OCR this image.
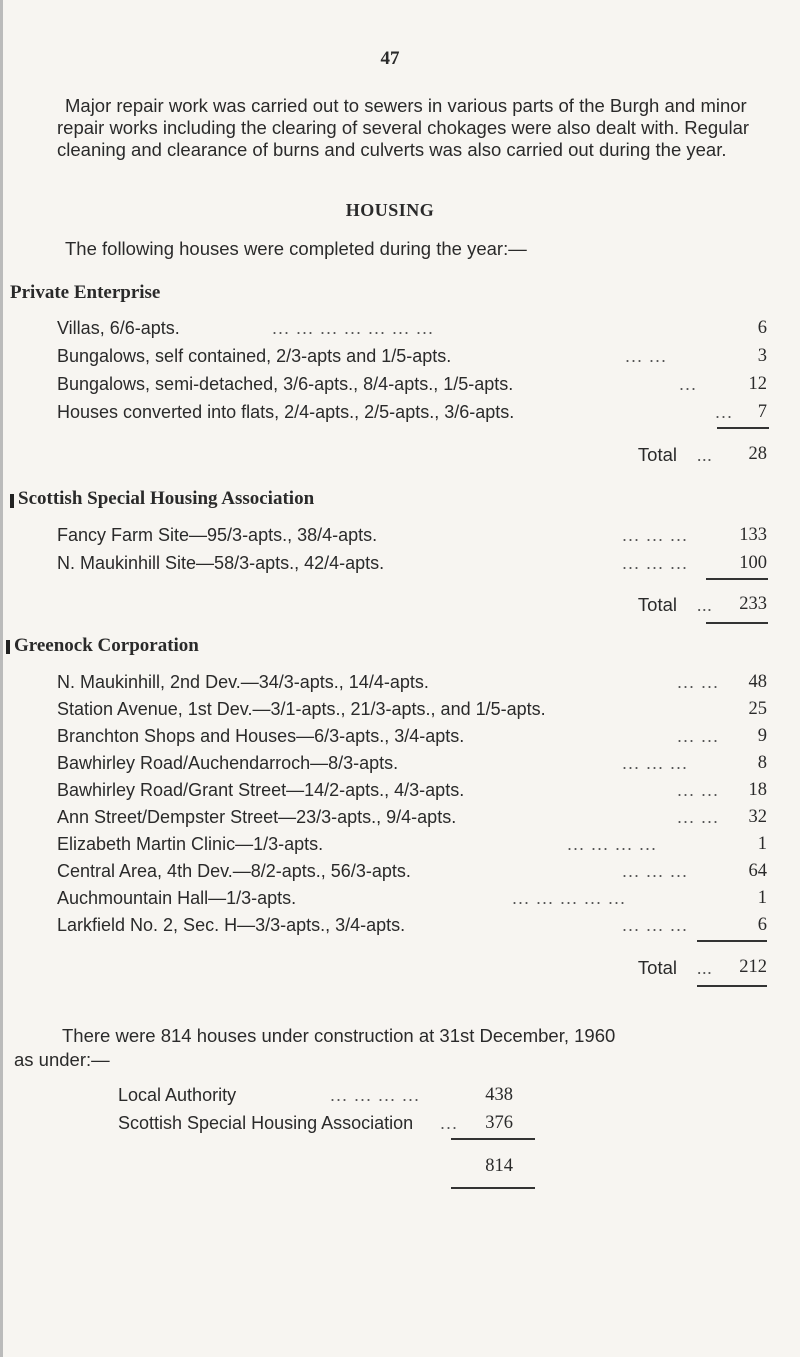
47
Major repair work was carried out to sewers in various parts of the Burgh and minor repair works including the clearing of several chokages were also dealt with. Regular cleaning and clearance of burns and culverts was also carried out during the year.
HOUSING
The following houses were completed during the year:—
Private Enterprise
Villas, 6/6-apts.	... ... ... ... ... ... ...	6
Bungalows, self contained, 2/3-apts and 1/5-apts.	... ...	3
Bungalows, semi-detached, 3/6-apts., 8/4-apts., 1/5-apts.	...	12
Houses converted into flats, 2/4-apts., 2/5-apts., 3/6-apts.	... 7
Total ... 28
Scottish Special Housing Association
Fancy Farm Site—95/3-apts., 38/4-apts.	... ... ...	133
N. Maukinhill Site—58/3-apts., 42/4-apts.	... ... ...	100
Total ... 233
Greenock Corporation
N. Maukinhill, 2nd Dev.—34/3-apts., 14/4-apts.	... ... 48
Station Avenue, 1st Dev.—3/1-apts., 21/3-apts., and 1/5-apts.	25
Branchton Shops and Houses—6/3-apts., 3/4-apts.	... ... 9
Bawhirley Road/Auchendarroch—8/3-apts.	... ... ...	8
Bawhirley Road/Grant Street—14/2-apts., 4/3-apts.	... ... 18
Ann Street/Dempster Street—23/3-apts., 9/4-apts.	... ... 32
Elizabeth Martin Clinic—1/3-apts.	... ... ... ...	1
Central Area, 4th Dev.—8/2-apts., 56/3-apts.	... ... ...	64
Auchmountain Hall—1/3-apts.	... ... ... ... ...	1
Larkfield No. 2, Sec. H—3/3-apts., 3/4-apts.	... ... ...	6
Total ... 212
There were 814 houses under construction at 31st December, 1960
as under:—
Local Authority	... ... ... ...	438
Scottish Special Housing Association ... 376
814
